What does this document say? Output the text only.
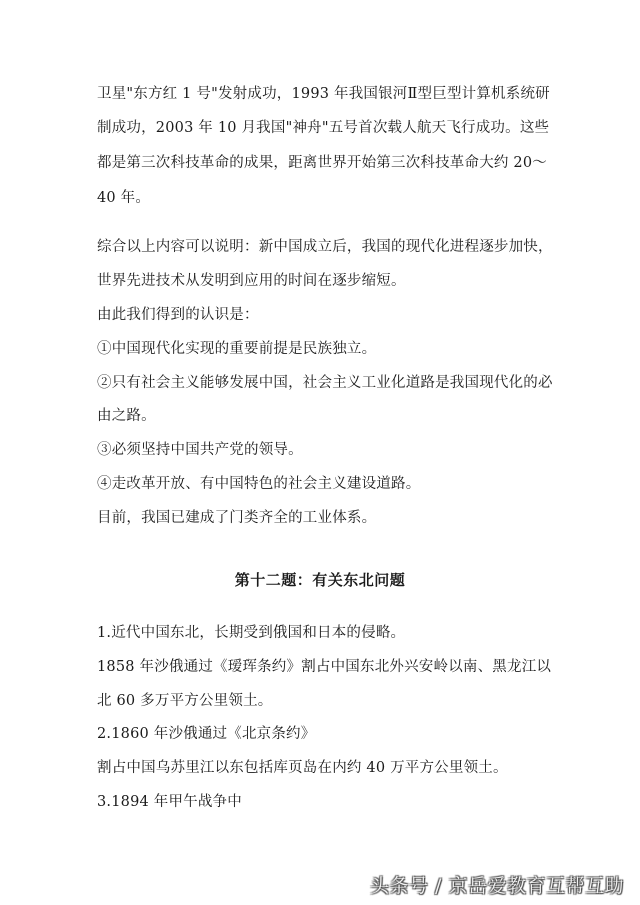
卫星"东方红 1 号"发射成功，1993 年我国银河Ⅱ型巨型计算机系统研
制成功，2003 年 10 月我国"神舟"五号首次载人航天飞行成功。这些
都是第三次科技革命的成果，距离世界开始第三次科技革命大约 20～
40 年。
综合以上内容可以说明：新中国成立后，我国的现代化进程逐步加快，
世界先进技术从发明到应用的时间在逐步缩短。
由此我们得到的认识是：
①中国现代化实现的重要前提是民族独立。
②只有社会主义能够发展中国，社会主义工业化道路是我国现代化的必
由之路。
③必须坚持中国共产党的领导。
④走改革开放、有中国特色的社会主义建设道路。
目前，我国已建成了门类齐全的工业体系。
第十二题：有关东北问题
1.近代中国东北，长期受到俄国和日本的侵略。
1858 年沙俄通过《瑷珲条约》割占中国东北外兴安岭以南、黑龙江以
北 60 多万平方公里领土。
2.1860 年沙俄通过《北京条约》
割占中国乌苏里江以东包括库页岛在内约 40 万平方公里领土。
3.1894 年甲午战争中
头条号 / 京岳爱教育互帮互助
